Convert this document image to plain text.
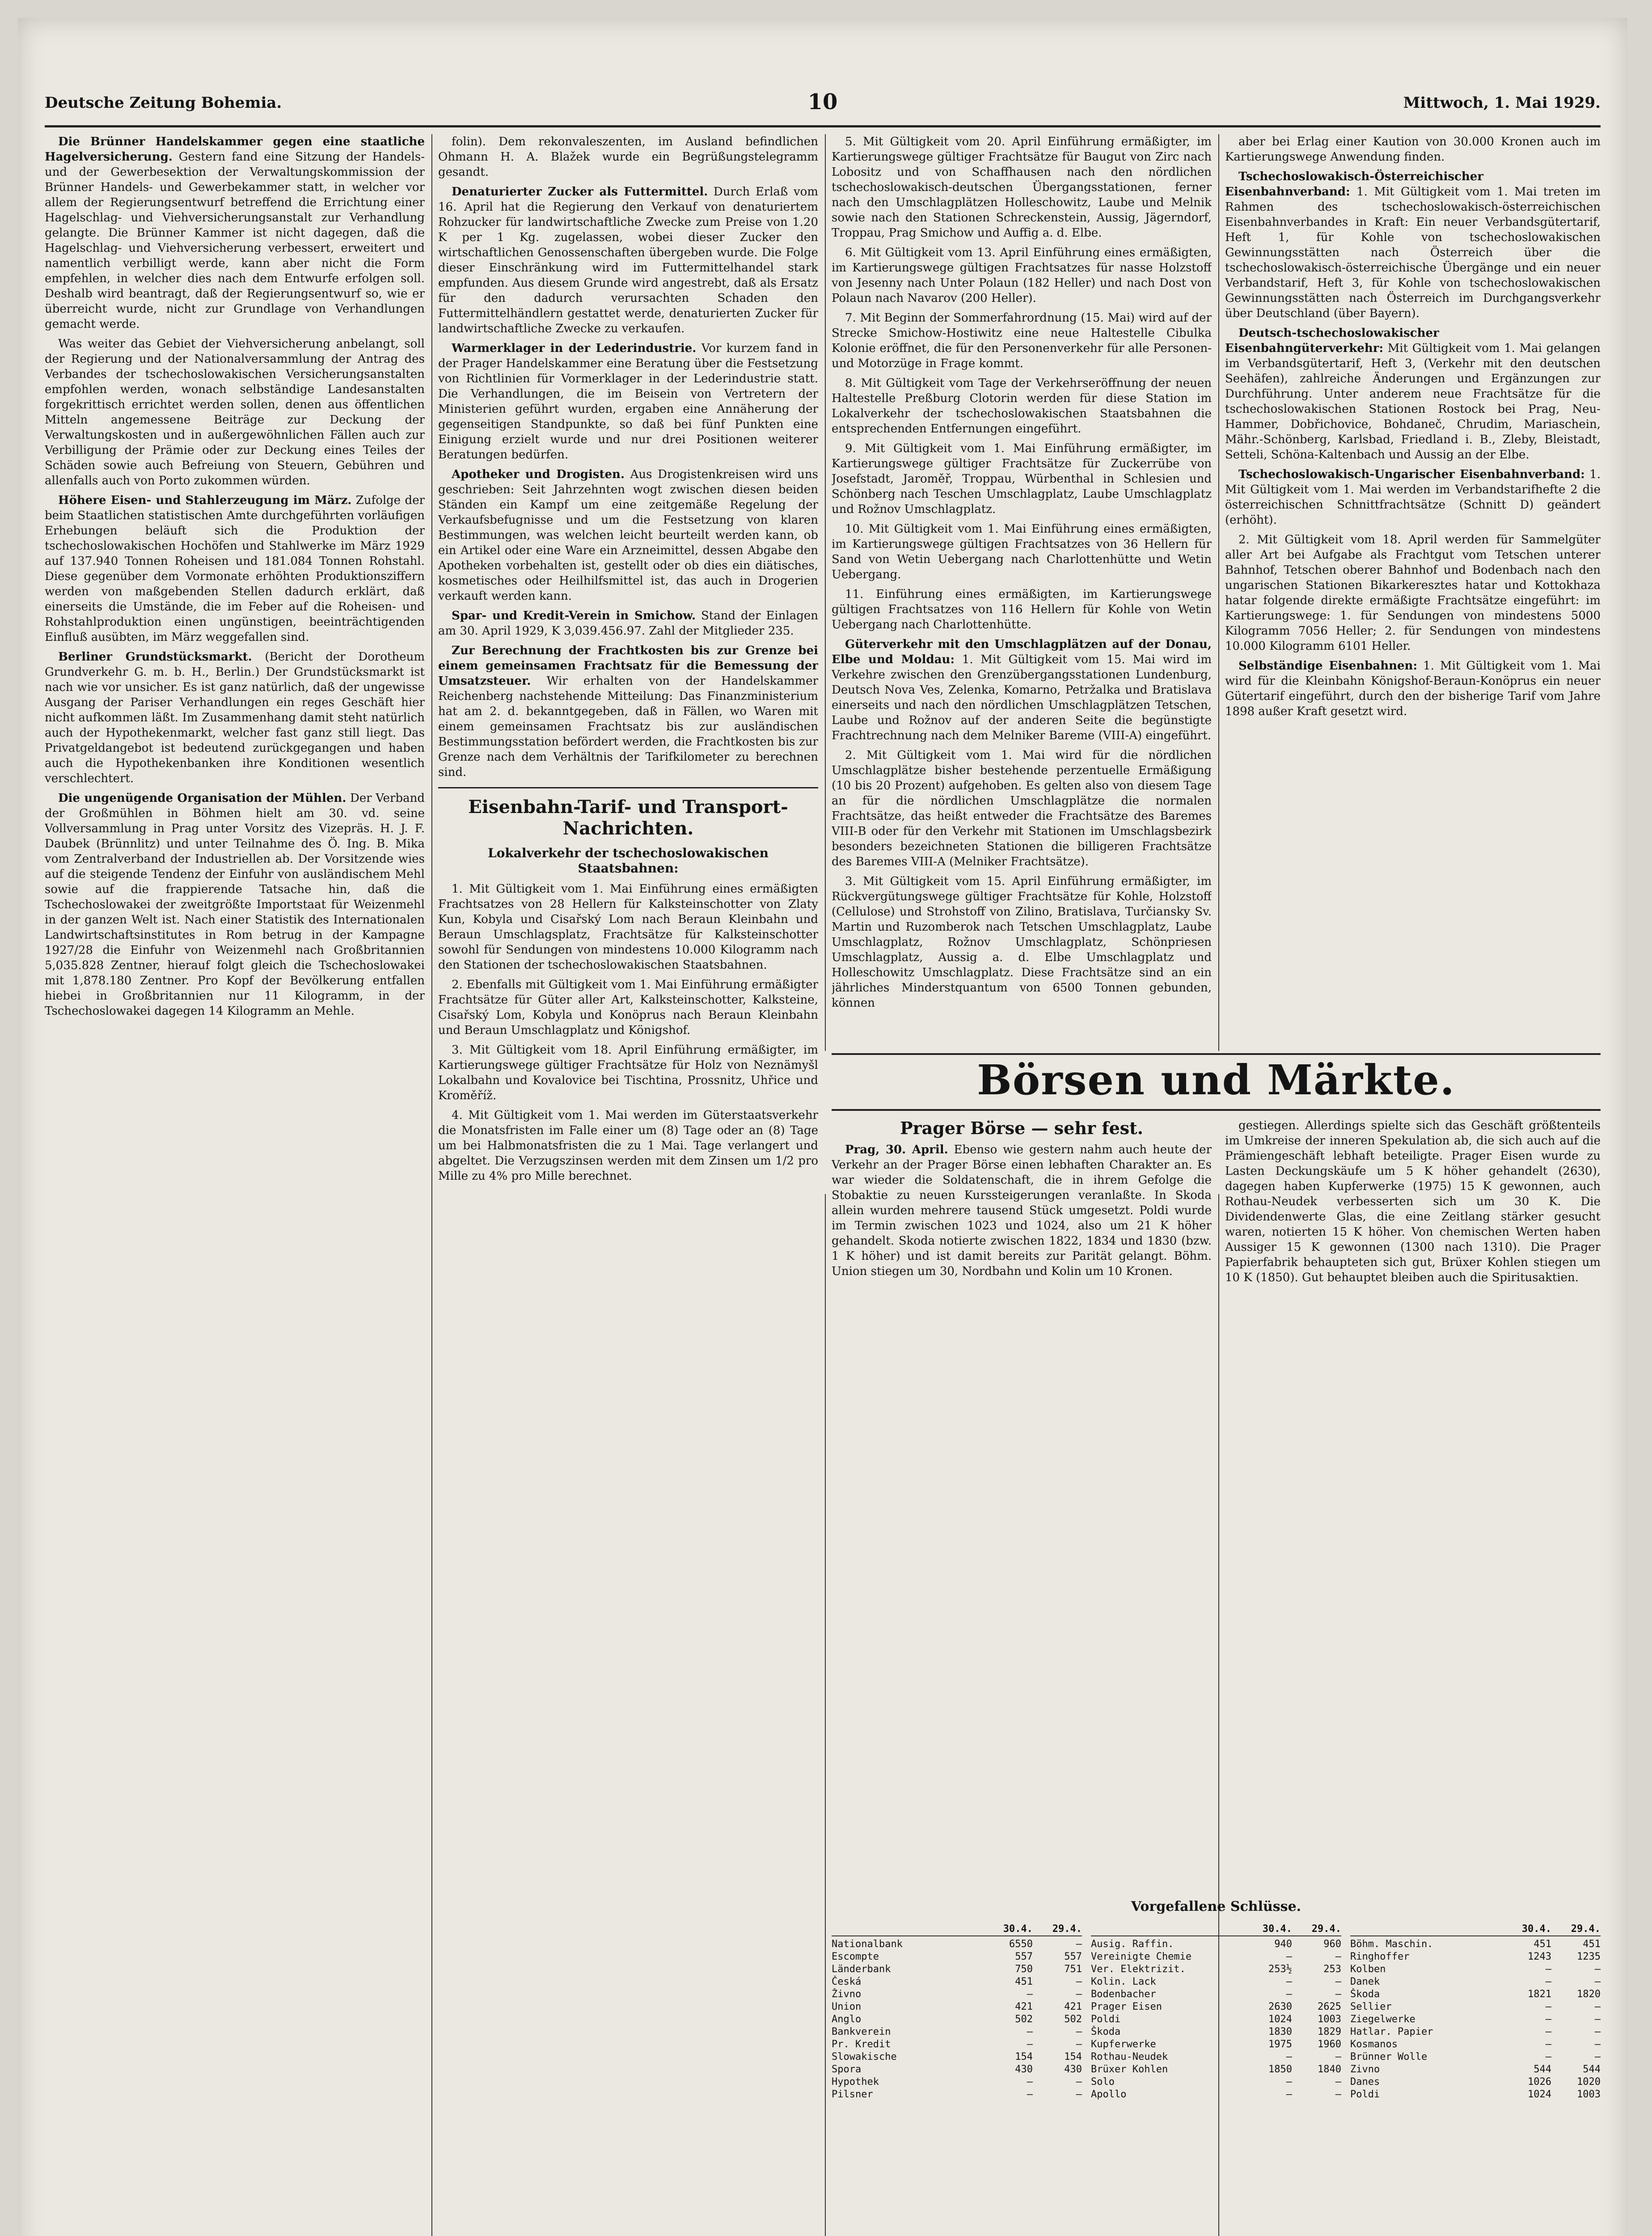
Deutsche Zeitung Bohemia.	10	Mittwoch, 1. Mai 1929.

Die Brünner Handelskammer gegen eine staatliche Hagelversicherung. Gestern fand eine Sitzung der Handels- und der Gewerbesektion der Verwaltungskommission der Brünner Handels- und Gewerbekammer statt, in welcher vor allem der Regierungsentwurf betreffend die Errichtung einer Hagelschlag- und Viehversicherungsanstalt zur Verhandlung gelangte. Die Brünner Kammer ist nicht dagegen, daß die Hagelschlag- und Viehversicherung verbessert, erweitert und namentlich verbilligt werde, kann aber nicht die Form empfehlen, in welcher dies nach dem Entwurfe erfolgen soll. Deshalb wird beantragt, daß der Regierungsentwurf so, wie er überreicht wurde, nicht zur Grundlage von Verhandlungen gemacht werde.

Was weiter das Gebiet der Viehversicherung anbelangt, soll der Regierung und der Nationalversammlung der Antrag des Verbandes der tschechoslowakischen Versicherungsanstalten empfohlen werden, wonach selbständige Landesanstalten forgekrittisch errichtet werden sollen, denen aus öffentlichen Mitteln angemessene Beiträge zur Deckung der Verwaltungskosten und in außergewöhnlichen Fällen auch zur Verbilligung der Prämie oder zur Deckung eines Teiles der Schäden sowie auch Befreiung von Steuern, Gebühren und allenfalls auch von Porto zukommen würden.

Höhere Eisen- und Stahlerzeugung im März. Zufolge der beim Staatlichen statistischen Amte durchgeführten vorläufigen Erhebungen beläuft sich die Produktion der tschechoslowakischen Hochöfen und Stahlwerke im März 1929 auf 137.940 Tonnen Roheisen und 181.084 Tonnen Rohstahl. Diese gegenüber dem Vormonate erhöhten Produktionsziffern werden von maßgebenden Stellen dadurch erklärt, daß einerseits die Umstände, die im Feber auf die Roheisen- und Rohstahlproduktion einen ungünstigen, beeinträchtigenden Einfluß ausübten, im März weggefallen sind.

Berliner Grundstücksmarkt. (Bericht der Dorotheum Grundverkehr G. m. b. H., Berlin.) Der Grundstücksmarkt ist nach wie vor unsicher. Es ist ganz natürlich, daß der ungewisse Ausgang der Pariser Verhandlungen ein reges Geschäft hier nicht aufkommen läßt. Im Zusammenhang damit steht natürlich auch der Hypothekenmarkt, welcher fast ganz still liegt. Das Privatgeldangebot ist bedeutend zurückgegangen und haben auch die Hypothekenbanken ihre Konditionen wesentlich verschlechtert.

Die ungenügende Organisation der Mühlen. Der Verband der Großmühlen in Böhmen hielt am 30. vd. seine Vollversammlung in Prag unter Vorsitz des Vizepräs. H. J. F. Daubek (Brünnlitz) und unter Teilnahme des Ö. Ing. B. Mika vom Zentralverband der Industriellen ab. Der Vorsitzende wies auf die steigende Tendenz der Einfuhr von ausländischem Mehl sowie auf die frappierende Tatsache hin, daß die Tschechoslowakei der zweitgrößte Importstaat für Weizenmehl in der ganzen Welt ist. Nach einer Statistik des Internationalen Landwirtschaftsinstitutes in Rom betrug in der Kampagne 1927/28 die Einfuhr von Weizenmehl nach Großbritannien 5,035.828 Zentner, hierauf folgt gleich die Tschechoslowakei mit 1,878.180 Zentner. Pro Kopf der Bevölkerung entfallen hiebei in Großbritannien nur 11 Kilogramm, in der Tschechoslowakei dagegen 14 Kilogramm an Mehle.

folin). Dem rekonvaleszenten, im Ausland befindlichen Ohmann H. A. Blažek wurde ein Begrüßungstelegramm gesandt.

Denaturierter Zucker als Futtermittel. Durch Erlaß vom 16. April hat die Regierung den Verkauf von denaturiertem Rohzucker für landwirtschaftliche Zwecke zum Preise von 1.20 K per 1 Kg. zugelassen, wobei dieser Zucker den wirtschaftlichen Genossenschaften übergeben wurde. Die Folge dieser Einschränkung wird im Futtermittelhandel stark empfunden. Aus diesem Grunde wird angestrebt, daß als Ersatz für den dadurch verursachten Schaden den Futtermittelhändlern gestattet werde, denaturierten Zucker für landwirtschaftliche Zwecke zu verkaufen.

Warmerklager in der Lederindustrie. Vor kurzem fand in der Prager Handelskammer eine Beratung über die Festsetzung von Richtlinien für Vormerklager in der Lederindustrie statt. Die Verhandlungen, die im Beisein von Vertretern der Ministerien geführt wurden, ergaben eine Annäherung der gegenseitigen Standpunkte, so daß bei fünf Punkten eine Einigung erzielt wurde und nur drei Positionen weiterer Beratungen bedürfen.

Apotheker und Drogisten. Aus Drogistenkreisen wird uns geschrieben: Seit Jahrzehnten wogt zwischen diesen beiden Ständen ein Kampf um eine zeitgemäße Regelung der Verkaufsbefugnisse und um die Festsetzung von klaren Bestimmungen, was welchen leicht beurteilt werden kann, ob ein Artikel oder eine Ware ein Arzneimittel, dessen Abgabe den Apotheken vorbehalten ist, gestellt oder ob dies ein diätisches, kosmetisches oder Heilhilfsmittel ist, das auch in Drogerien verkauft werden kann.

Spar- und Kredit-Verein in Smichow. Stand der Einlagen am 30. April 1929, K 3,039.456.97. Zahl der Mitglieder 235.

Zur Berechnung der Frachtkosten bis zur Grenze bei einem gemeinsamen Frachtsatz für die Bemessung der Umsatzsteuer. Wir erhalten von der Handelskammer Reichenberg nachstehende Mitteilung: Das Finanzministerium hat am 2. d. bekanntgegeben, daß in Fällen, wo Waren mit einem gemeinsamen Frachtsatz bis zur ausländischen Bestimmungsstation befördert werden, die Frachtkosten bis zur Grenze nach dem Verhältnis der Tarifkilometer zu berechnen sind.

Eisenbahn-Tarif- und Transport-Nachrichten.
Lokalverkehr der tschechoslowakischen Staatsbahnen:

1. Mit Gültigkeit vom 1. Mai Einführung eines ermäßigten Frachtsatzes von 28 Hellern für Kalksteinschotter von Zlaty Kun, Kobyla und Cisařský Lom nach Beraun Kleinbahn und Beraun Umschlagsplatz, Frachtsätze für Kalksteinschotter sowohl für Sendungen von mindestens 10.000 Kilogramm nach den Stationen der tschechoslowakischen Staatsbahnen.

2. Ebenfalls mit Gültigkeit vom 1. Mai Einführung ermäßigter Frachtsätze für Güter aller Art, Kalksteinschotter, Kalksteine, Cisařský Lom, Kobyla und Konöprus nach Beraun Kleinbahn und Beraun Umschlagplatz und Königshof.

3. Mit Gültigkeit vom 18. April Einführung ermäßigter, im Kartierungswege gültiger Frachtsätze für Holz von Neznämyšl Lokalbahn und Kovalovice bei Tischtina, Prossnitz, Uhřice und Kroměříž.

4. Mit Gültigkeit vom 1. Mai werden im Güterstaatsverkehr die Monatsfristen im Falle einer um (8) Tage oder an (8) Tage um bei Halbmonatsfristen die zu 1 Mai. Tage verlangert und abgeltet. Die Verzugszinsen werden mit dem Zinsen um 1/2 pro Mille zu 4% pro Mille berechnet.

5. Mit Gültigkeit vom 20. April Einführung ermäßigter, im Kartierungswege gültiger Frachtsätze für Baugut von Zirc nach Lobositz und von Schaffhausen nach den nördlichen tschechoslowakisch-deutschen Übergangsstationen, ferner nach den Umschlagplätzen Holleschowitz, Laube und Melnik sowie nach den Stationen Schreckenstein, Aussig, Jägerndorf, Troppau, Prag Smichow und Auffig a. d. Elbe.

6. Mit Gültigkeit vom 13. April Einführung eines ermäßigten, im Kartierungswege gültigen Frachtsatzes für nasse Holzstoff von Jesenny nach Unter Polaun (182 Heller) und nach Dost von Polaun nach Navarov (200 Heller).

7. Mit Beginn der Sommerfahrordnung (15. Mai) wird auf der Strecke Smichow-Hostiwitz eine neue Haltestelle Cibulka Kolonie eröffnet, die für den Personenverkehr für alle Personen- und Motorzüge in Frage kommt.

8. Mit Gültigkeit vom Tage der Verkehrseröffnung der neuen Haltestelle Preßburg Clotorin werden für diese Station im Lokalverkehr der tschechoslowakischen Staatsbahnen die entsprechenden Entfernungen eingeführt.

9. Mit Gültigkeit vom 1. Mai Einführung ermäßigter, im Kartierungswege gültiger Frachtsätze für Zuckerrübe von Josefstadt, Jaroměř, Troppau, Würbenthal in Schlesien und Schönberg nach Teschen Umschlagplatz, Laube Umschlagplatz und Rožnov Umschlagplatz.

10. Mit Gültigkeit vom 1. Mai Einführung eines ermäßigten, im Kartierungswege gültigen Frachtsatzes von 36 Hellern für Sand von Wetin Uebergang nach Charlottenhütte und Wetin Uebergang.

11. Einführung eines ermäßigten, im Kartierungswege gültigen Frachtsatzes von 116 Hellern für Kohle von Wetin Uebergang nach Charlottenhütte.

Güterverkehr mit den Umschlagplätzen auf der Donau, Elbe und Moldau: 1. Mit Gültigkeit vom 15. Mai wird im Verkehre zwischen den Grenzübergangsstationen Lundenburg, Deutsch Nova Ves, Zelenka, Komarno, Petržalka und Bratislava einerseits und nach den nördlichen Umschlagplätzen Tetschen, Laube und Rožnov auf der anderen Seite die begünstigte Frachtrechnung nach dem Melniker Bareme (VIII-A) eingeführt.

2. Mit Gültigkeit vom 1. Mai wird für die nördlichen Umschlagplätze bisher bestehende perzentuelle Ermäßigung (10 bis 20 Prozent) aufgehoben. Es gelten also von diesem Tage an für die nördlichen Umschlagplätze die normalen Frachtsätze, das heißt entweder die Frachtsätze des Baremes VIII-B oder für den Verkehr mit Stationen im Umschlagsbezirk besonders bezeichneten Stationen die billigeren Frachtsätze des Baremes VIII-A (Melniker Frachtsätze).

3. Mit Gültigkeit vom 15. April Einführung ermäßigter, im Rückvergütungswege gültiger Frachtsätze für Kohle, Holzstoff (Cellulose) und Strohstoff von Zilino, Bratislava, Turčiansky Sv. Martin und Ruzomberok nach Tetschen Umschlagplatz, Laube Umschlagplatz, Rožnov Umschlagplatz, Schönpriesen Umschlagplatz, Aussig a. d. Elbe Umschlagplatz und Holleschowitz Umschlagplatz. Diese Frachtsätze sind an ein jährliches Minderstquantum von 6500 Tonnen gebunden, können

aber bei Erlag einer Kaution von 30.000 Kronen auch im Kartierungswege Anwendung finden.

Tschechoslowakisch-Österreichischer Eisenbahnverband: 1. Mit Gültigkeit vom 1. Mai treten im Rahmen des tschechoslowakisch-österreichischen Eisenbahnverbandes in Kraft: Ein neuer Verbandsgütertarif, Heft 1, für Kohle von tschechoslowakischen Gewinnungsstätten nach Österreich über die tschechoslowakisch-österreichische Übergänge und ein neuer Verbandstarif, Heft 3, für Kohle von tschechoslowakischen Gewinnungsstätten nach Österreich im Durchgangsverkehr über Deutschland (über Bayern).

Deutsch-tschechoslowakischer Eisenbahngüterverkehr: Mit Gültigkeit vom 1. Mai gelangen im Verbandsgütertarif, Heft 3, (Verkehr mit den deutschen Seehäfen), zahlreiche Änderungen und Ergänzungen zur Durchführung. Unter anderem neue Frachtsätze für die tschechoslowakischen Stationen Rostock bei Prag, Neu-Hammer, Dobřichovice, Bohdaneč, Chrudim, Mariaschein, Mähr.-Schönberg, Karlsbad, Friedland i. B., Zleby, Bleistadt, Setteli, Schöna-Kaltenbach und Aussig an der Elbe.

Tschechoslowakisch-Ungarischer Eisenbahnverband: 1. Mit Gültigkeit vom 1. Mai werden im Verbandstarifhefte 2 die österreichischen Schnittfrachtsätze (Schnitt D) geändert (erhöht).

2. Mit Gültigkeit vom 18. April werden für Sammelgüter aller Art bei Aufgabe als Frachtgut vom Tetschen unterer Bahnhof, Tetschen oberer Bahnhof und Bodenbach nach den ungarischen Stationen Bikarkeresztes hatar und Kottokhaza hatar folgende direkte ermäßigte Frachtsätze eingeführt: im Kartierungswege: 1. für Sendungen von mindestens 5000 Kilogramm 7056 Heller; 2. für Sendungen von mindestens 10.000 Kilogramm 6101 Heller.

Selbständige Eisenbahnen: 1. Mit Gültigkeit vom 1. Mai wird für die Kleinbahn Königshof-Beraun-Konöprus ein neuer Gütertarif eingeführt, durch den der bisherige Tarif vom Jahre 1898 außer Kraft gesetzt wird.

Börsen und Märkte.
Prager Börse — sehr fest.

Prag, 30. April. Ebenso wie gestern nahm auch heute der Verkehr an der Prager Börse einen lebhaften Charakter an. Es war wieder die Soldatenschaft, die in ihrem Gefolge die Stobaktie zu neuen Kurssteigerungen veranlaßte. In Skoda allein wurden mehrere tausend Stück umgesetzt. Poldi wurde im Termin zwischen 1023 und 1024, also um 21 K höher gehandelt. Skoda notierte zwischen 1822, 1834 und 1830 (bzw. 1 K höher) und ist damit bereits zur Parität gelangt. Böhm. Union stiegen um 30, Nordbahn und Kolin um 10 Kronen.

gestiegen. Allerdings spielte sich das Geschäft größtenteils im Umkreise der inneren Spekulation ab, die sich auch auf die Prämiengeschäft lebhaft beteiligte. Prager Eisen wurde zu Lasten Deckungskäufe um 5 K höher gehandelt (2630), dagegen haben Kupferwerke (1975) 15 K gewonnen, auch Rothau-Neudek verbesserten sich um 30 K. Die Dividendenwerte Glas, die eine Zeitlang stärker gesucht waren, notierten 15 K höher. Von chemischen Werten haben Aussiger 15 K gewonnen (1300 nach 1310). Die Prager Papierfabrik behaupteten sich gut, Brüxer Kohlen stiegen um 10 K (1850). Gut behauptet bleiben auch die Spiritusaktien.

Vorgefallene Schlüsse.
30.4.	29.4.
Nationalbank	6550	—
Escompte	557	557
Länderbank	750	751
Česká	451	—
Živno	—	—
Union	421	421
Anglo	502	502
Bankverein	—	—
Pr. Kredit	—	—
Slowakische	154	154
Spora	430	430
Hypothek	—	—
Pilsner	—	—
30.4.	29.4.
Ausig. Raffin.	940	960
Vereinigte Chemie	—	—
Ver. Elektrizit.	253½	253
Kolin. Lack	—	—
Bodenbacher	—	—
Prager Eisen	2630	2625
Poldi	1024	1003
Škoda	1830	1829
Kupferwerke	1975	1960
Rothau-Neudek	—	—
Brüxer Kohlen	1850	1840
Solo	—	—
Apollo	—	—
30.4.	29.4.
Böhm. Maschin.	451	451
Ringhoffer	1243	1235
Kolben	—	—
Danek	—	—
Škoda	1821	1820
Sellier	—	—
Ziegelwerke	—	—
Hatlar. Papier	—	—
Kosmanos	—	—
Brünner Wolle	—	—
Zivno	544	544
Danes	1026	1020
Poldi	1024	1003
